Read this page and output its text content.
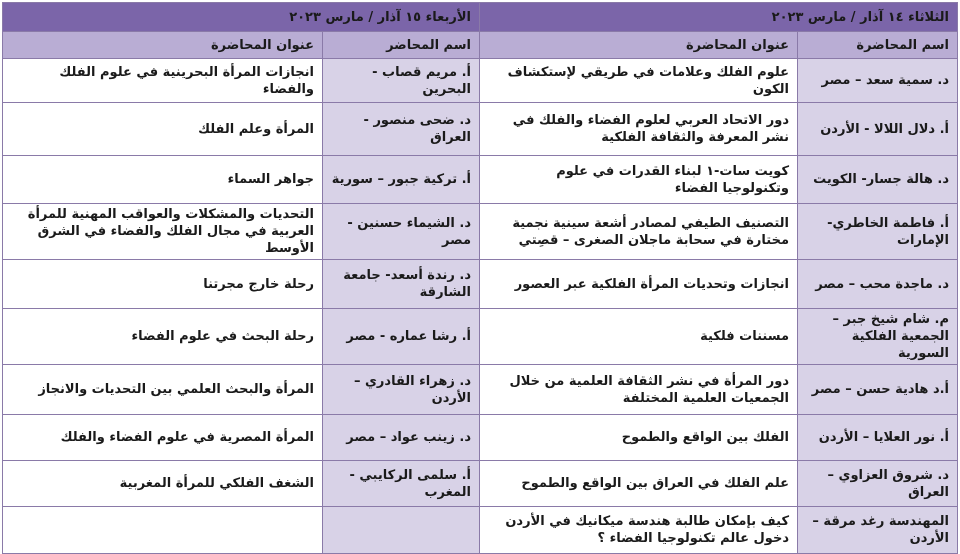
الثلاثاء ١٤ آذار / مارس ٢٠٢٣		الأربعاء ١٥ آذار / مارس ٢٠٢٣	
اسم المحاضرة	عنوان المحاضرة	اسم المحاضر	عنوان المحاضرة
د. سمية سعد – مصر	علوم الفلك وعلامات في طريقي لإستكشاف الكون	أ. مريم قصاب - البحرين	انجازات المرأة البحرينية في علوم الفلك والفضاء
أ. دلال اللالا - الأردن	دور الاتحاد العربي لعلوم الفضاء والفلك في نشر المعرفة والثقافة الفلكية	د. ضحى منصور - العراق	المرأة وعلم الفلك
د. هالة جسار- الكويت	كويت سات-١ لبناء القدرات في علوم وتكنولوجيا الفضاء	أ. تركية جبور – سورية	جواهر السماء
أ. فاطمة الخاطري- الإمارات	التصنيف الطيفي لمصادر أشعة سينية نجمية مختارة في سحابة ماجلان الصغرى – قصِتي	د. الشيماء حسنين - مصر	التحديات والمشكلات والعواقب المهنية للمرأة العربية في مجال الفلك والفضاء في الشرق الأوسط
د. ماجدة محب – مصر	انجازات وتحديات المرأة الفلكية عبر العصور	د. رندة أسعد- جامعة الشارقة	رحلة خارج مجرتنا
م. شام شيخ جبر – الجمعية الفلكية السورية	مسننات فلكية	أ. رشا عماره - مصر	رحلة البحث في علوم الفضاء
أ.د هادية حسن – مصر	دور المرأة في نشر الثقافة العلمية من خلال الجمعيات العلمية المختلفة	د. زهراء القادري – الأردن	المرأة والبحث العلمي بين التحديات والانجاز
أ. نور العلايا – الأردن	الفلك بين الواقع والطموح	د. زينب عواد – مصر	المرأة المصرية في علوم الفضاء والفلك
د. شروق العزاوي – العراق	علم الفلك في العراق بين الواقع والطموح	أ. سلمى الركايبي - المغرب	الشغف الفلكي للمرأة المغربية
المهندسة رغد مرقة – الأردن	كيف بإمكان طالبة هندسة ميكانيك في الأردن دخول عالم تكنولوجيا الفضاء ؟		
